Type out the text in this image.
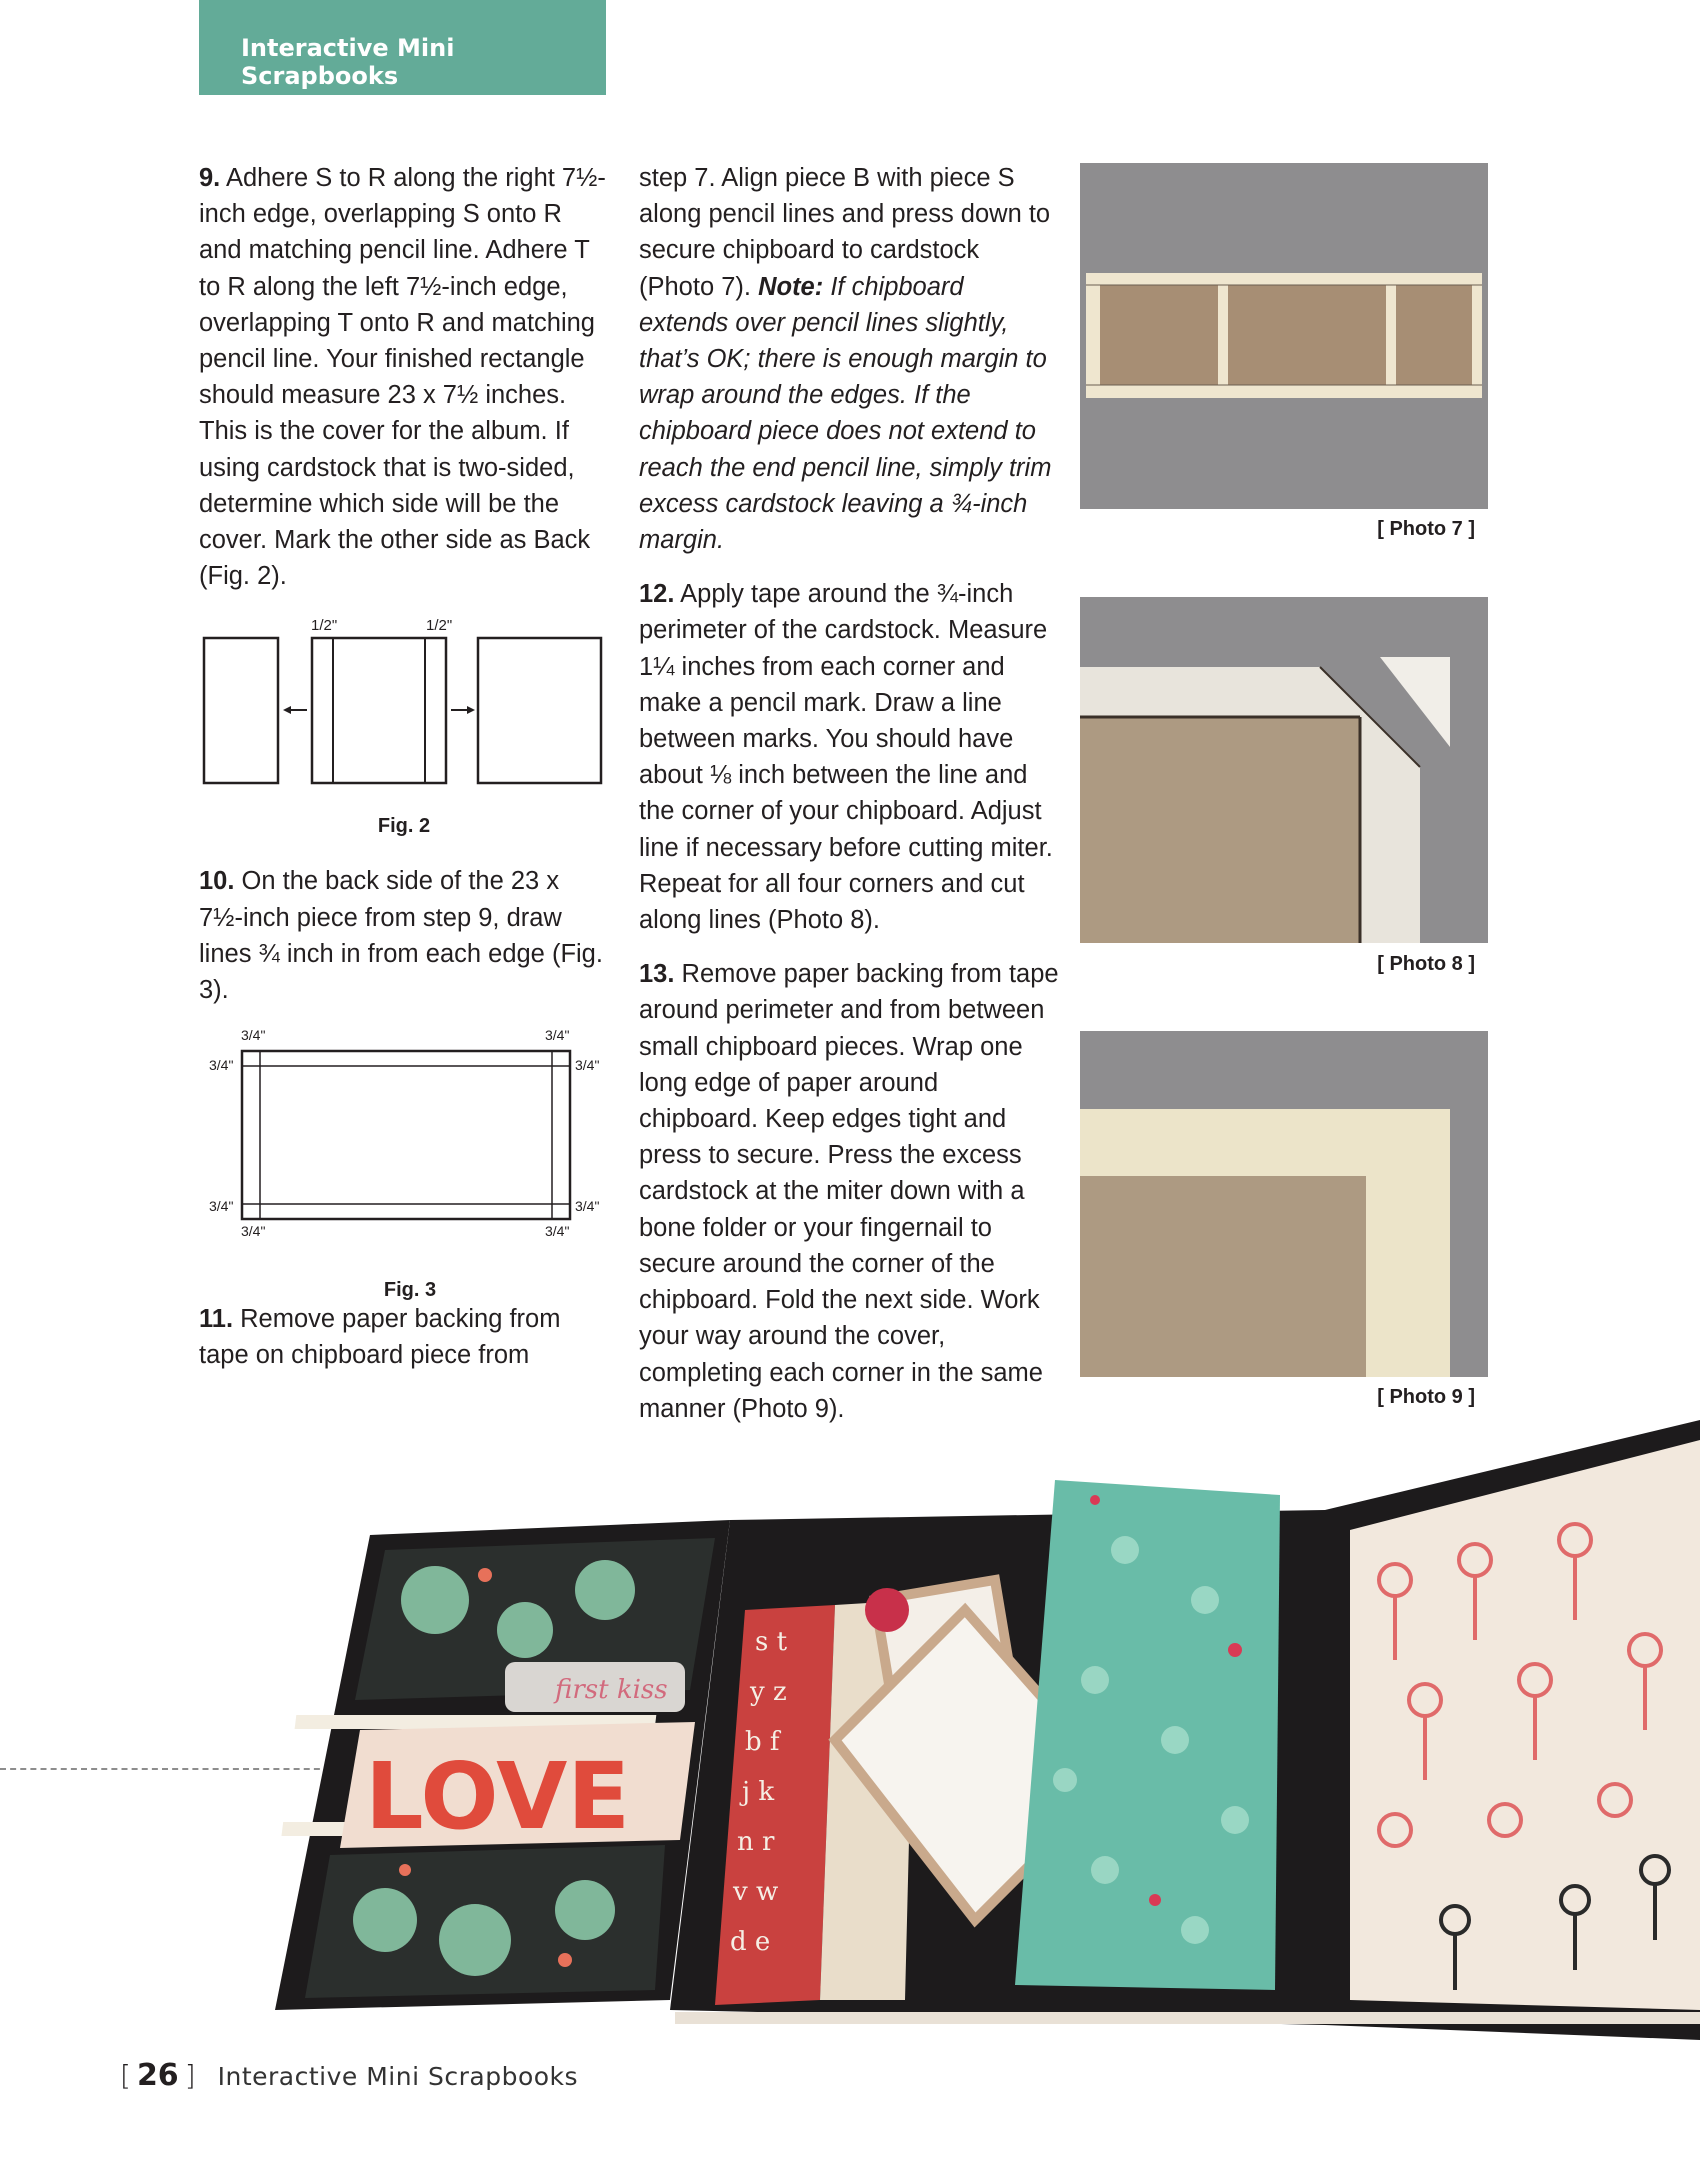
Interactive Mini Scrapbooks

9. Adhere S to R along the right 7½-inch edge, overlapping S onto R and matching pencil line. Adhere T to R along the left 7½-inch edge, overlapping T onto R and matching pencil line. Your finished rectangle should measure 23 x 7½ inches. This is the cover for the album. If using cardstock that is two-sided, determine which side will be the cover. Mark the other side as Back (Fig. 2).

1/2"	1/2"
Fig. 2

10. On the back side of the 23 x 7½-inch piece from step 9, draw lines ¾ inch in from each edge (Fig. 3).

3/4"	3/4"
3/4"	3/4"
3/4"	3/4"
3/4"	3/4"
Fig. 3

11. Remove paper backing from tape on chipboard piece from

step 7. Align piece B with piece S along pencil lines and press down to secure chipboard to cardstock (Photo 7). Note: If chipboard extends over pencil lines slightly, that’s OK; there is enough margin to wrap around the edges. If the chipboard piece does not extend to reach the end pencil line, simply trim excess cardstock leaving a ¾-inch margin.

12. Apply tape around the ¾-inch perimeter of the cardstock. Measure 1¼ inches from each corner and make a pencil mark. Draw a line between marks. You should have about ⅛ inch between the line and the corner of your chipboard. Adjust line if necessary before cutting miter. Repeat for all four corners and cut along lines (Photo 8).

13. Remove paper backing from tape around perimeter and from between small chipboard pieces. Wrap one long edge of paper around chipboard. Keep edges tight and press to secure. Press the excess cardstock at the miter down with a bone folder or your fingernail to secure around the corner of the chipboard. Fold the next side. Work your way around the cover, completing each corner in the same manner (Photo 9).

[ Photo 7 ]
[ Photo 8 ]
[ Photo 9 ]
LOVE
first kiss
s t
y z
b f
j k
n r
v w
d e
[ 26 ] Interactive Mini Scrapbooks
